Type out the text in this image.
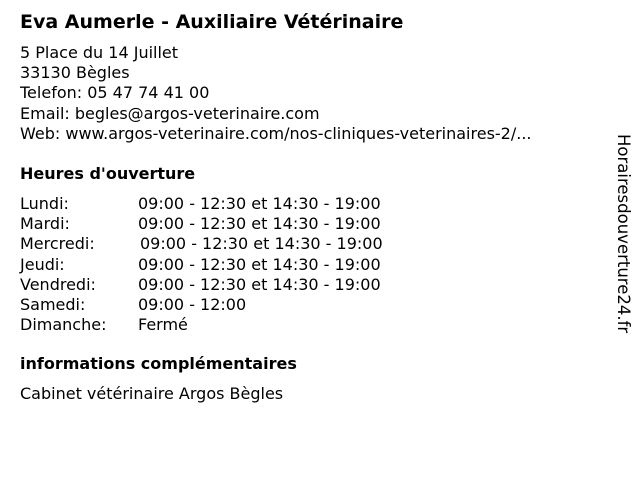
Eva Aumerle - Auxiliaire Vétérinaire
5 Place du 14 Juillet
33130 Bègles
Telefon: 05 47 74 41 00
Email: begles@argos-veterinaire.com
Web: www.argos-veterinaire.com/nos-cliniques-veterinaires-2/...
Heures d'ouverture
Lundi:	09:00 - 12:30 et 14:30 - 19:00
Mardi:	09:00 - 12:30 et 14:30 - 19:00
Mercredi:	09:00 - 12:30 et 14:30 - 19:00
Jeudi:	09:00 - 12:30 et 14:30 - 19:00
Vendredi:	09:00 - 12:30 et 14:30 - 19:00
Samedi:	09:00 - 12:00
Dimanche: Fermé
informations complémentaires
Cabinet vétérinaire Argos Bègles
Horairesdouverture24.fr
